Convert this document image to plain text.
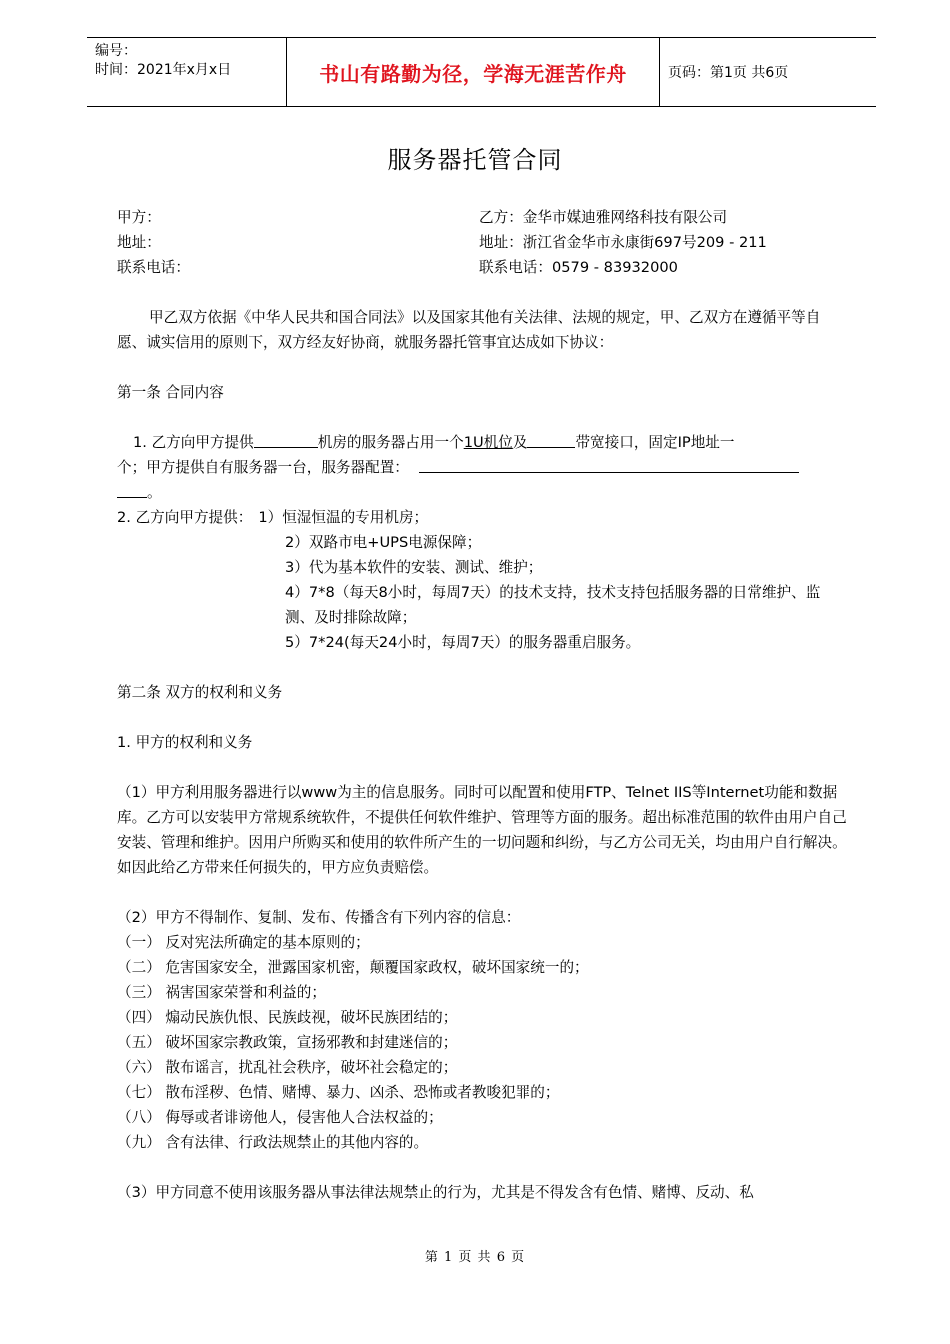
编号：
时间：2021年x月x日	书山有路勤为径，学海无涯苦作舟	页码：第1页 共6页
服务器托管合同
甲方：	乙方：金华市媒迪雅网络科技有限公司
地址：	地址：浙江省金华市永康街697号209 - 211
联系电话：	联系电话：0579 - 83932000
甲乙双方依据《中华人民共和国合同法》以及国家其他有关法律、法规的规定，甲、乙双方在遵循平等自愿、诚实信用的原则下，双方经友好协商，就服务器托管事宜达成如下协议：
第一条 合同内容
1. 乙方向甲方提供	机房的服务器占用一个1U机位及	带宽接口，固定IP地址一
个；甲方提供自有服务器一台，服务器配置：
。
2. 乙方向甲方提供： 1）恒湿恒温的专用机房；
2）双路市电+UPS电源保障；
3）代为基本软件的安装、测试、维护；
4）7*8（每天8小时，每周7天）的技术支持，技术支持包括服务器的日常维护、监测、及时排除故障；
5）7*24(每天24小时，每周7天）的服务器重启服务。
第二条 双方的权利和义务
1. 甲方的权利和义务
（1）甲方利用服务器进行以www为主的信息服务。同时可以配置和使用FTP、Telnet IIS等Internet功能和数据库。乙方可以安装甲方常规系统软件，不提供任何软件维护、管理等方面的服务。超出标准范围的软件由用户自己安装、管理和维护。因用户所购买和使用的软件所产生的一切问题和纠纷，与乙方公司无关，均由用户自行解决。如因此给乙方带来任何损失的，甲方应负责赔偿。
（2）甲方不得制作、复制、发布、传播含有下列内容的信息：
（一） 反对宪法所确定的基本原则的；
（二） 危害国家安全，泄露国家机密，颠覆国家政权，破坏国家统一的；
（三） 祸害国家荣誉和利益的；
（四） 煽动民族仇恨、民族歧视，破坏民族团结的；
（五） 破坏国家宗教政策，宣扬邪教和封建迷信的；
（六） 散布谣言，扰乱社会秩序，破坏社会稳定的；
（七） 散布淫秽、色情、赌博、暴力、凶杀、恐怖或者教唆犯罪的；
（八） 侮辱或者诽谤他人，侵害他人合法权益的；
（九） 含有法律、行政法规禁止的其他内容的。
（3）甲方同意不使用该服务器从事法律法规禁止的行为，尤其是不得发含有色情、赌博、反动、私
第 1 页 共 6 页
